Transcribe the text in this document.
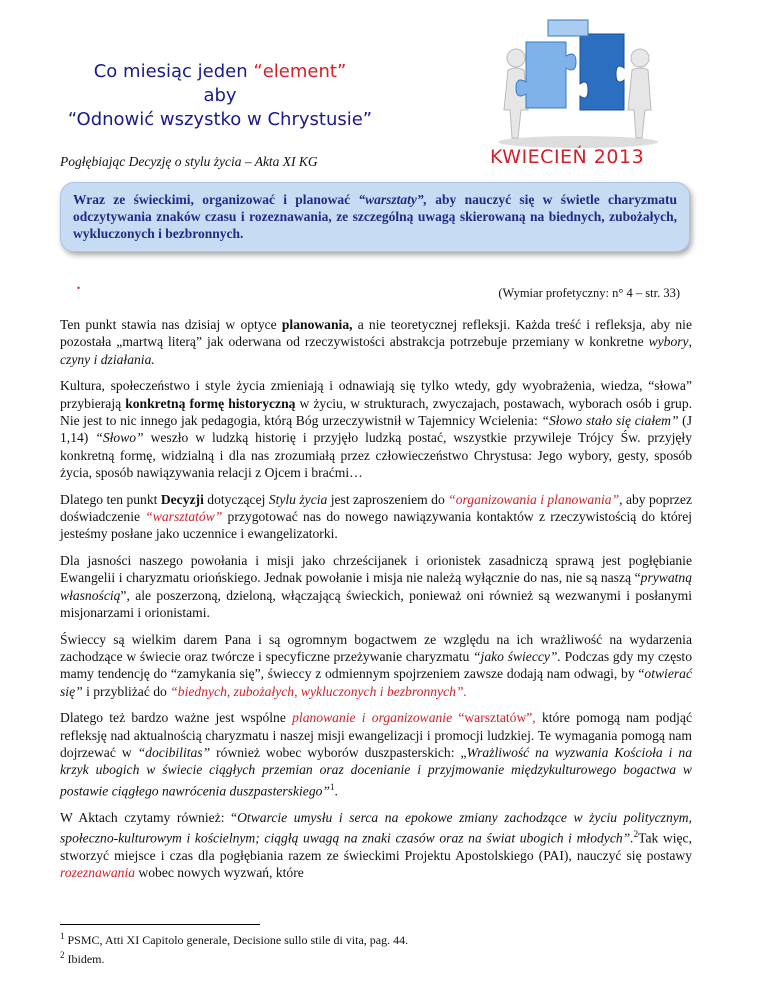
Co miesiąc jeden “element”
aby
“Odnowić wszystko w Chrystusie”
Pogłębiając Decyzję o stylu życia – Akta XI KG	KWIECIEŃ 2013

Wraz ze świeckimi, organizować i planować “warsztaty”, aby nauczyć się w świetle charyzmatu odczytywania znaków czasu i rozeznawania, ze szczególną uwagą skierowaną na biednych, zubożałych, wykluczonych i bezbronnych.

.	(Wymiar profetyczny: n° 4 – str. 33)

Ten punkt stawia nas dzisiaj w optyce planowania, a nie teoretycznej refleksji. Każda treść i refleksja, aby nie pozostała „martwą literą” jak oderwana od rzeczywistości abstrakcja potrzebuje przemiany w konkretne wybory, czyny i działania.

Kultura, społeczeństwo i style życia zmieniają i odnawiają się tylko wtedy, gdy wyobrażenia, wiedza, “słowa” przybierają konkretną formę historyczną w życiu, w strukturach, zwyczajach, postawach, wyborach osób i grup. Nie jest to nic innego jak pedagogia, którą Bóg urzeczywistnił w Tajemnicy Wcielenia: “Słowo stało się ciałem” (J 1,14) “Słowo” weszło w ludzką historię i przyjęło ludzką postać, wszystkie przywileje Trójcy Św. przyjęły konkretną formę, widzialną i dla nas zrozumiałą przez człowieczeństwo Chrystusa: Jego wybory, gesty, sposób życia, sposób nawiązywania relacji z Ojcem i braćmi…

Dlatego ten punkt Decyzji dotyczącej Stylu życia jest zaproszeniem do “organizowania i planowania”, aby poprzez doświadczenie “warsztatów” przygotować nas do nowego nawiązywania kontaktów z rzeczywistością do której jesteśmy posłane jako uczennice i ewangelizatorki.

Dla jasności naszego powołania i misji jako chrześcijanek i orionistek zasadniczą sprawą jest pogłębianie Ewangelii i charyzmatu oriońskiego. Jednak powołanie i misja nie należą wyłącznie do nas, nie są naszą “prywatną własnością”, ale poszerzoną, dzieloną, włączającą świeckich, ponieważ oni również są wezwanymi i posłanymi misjonarzami i orionistami.

Świeccy są wielkim darem Pana i są ogromnym bogactwem ze względu na ich wrażliwość na wydarzenia zachodzące w świecie oraz twórcze i specyficzne przeżywanie charyzmatu “jako świeccy”. Podczas gdy my często mamy tendencję do “zamykania się”, świeccy z odmiennym spojrzeniem zawsze dodają nam odwagi, by “otwierać się” i przybliżać do “biednych, zubożałych, wykluczonych i bezbronnych”.

Dlatego też bardzo ważne jest wspólne planowanie i organizowanie “warsztatów”, które pomogą nam podjąć refleksję nad aktualnością charyzmatu i naszej misji ewangelizacji i promocji ludzkiej. Te wymagania pomogą nam dojrzewać w “docibilitas” również wobec wyborów duszpasterskich: „Wrażliwość na wyzwania Kościoła i na krzyk ubogich w świecie ciągłych przemian oraz docenianie i przyjmowanie międzykulturowego bogactwa w postawie ciągłego nawrócenia duszpasterskiego”$^1$.

W Aktach czytamy również: “Otwarcie umysłu i serca na epokowe zmiany zachodzące w życiu politycznym, społeczno-kulturowym i kościelnym; ciągłą uwagą na znaki czasów oraz na świat ubogich i młodych”.$^2$Tak więc, stworzyć miejsce i czas dla pogłębiania razem ze świeckimi Projektu Apostolskiego (PAI), nauczyć się postawy rozeznawania wobec nowych wyzwań, które

$^1$ PSMC, Atti XI Capitolo generale, Decisione sullo stile di vita, pag. 44.
$^2$ Ibidem.
